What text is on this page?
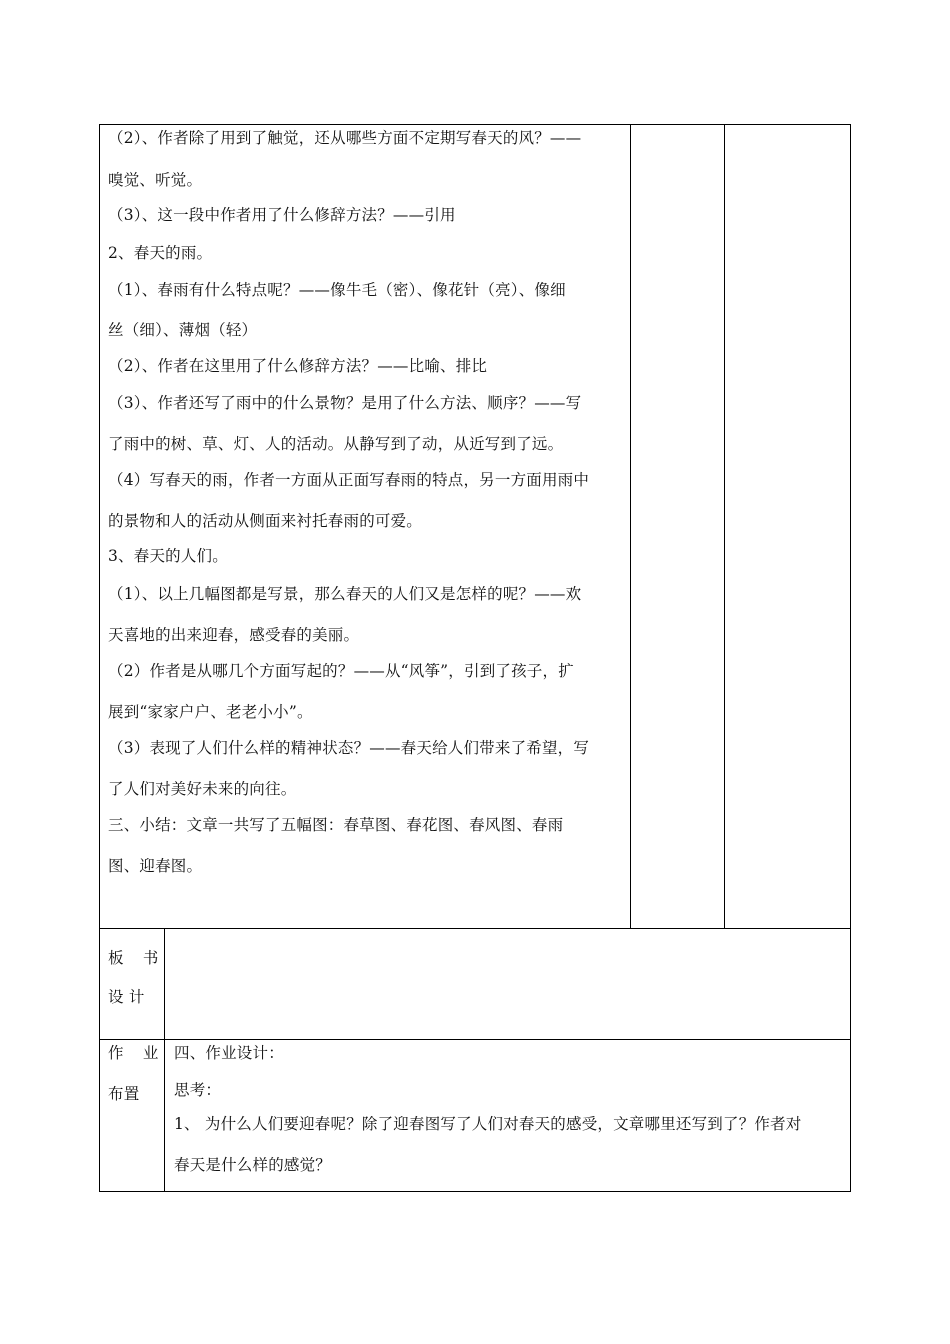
（2）、作者除了用到了触觉，还从哪些方面不定期写春天的风？——
嗅觉、听觉。
（3）、这一段中作者用了什么修辞方法？——引用
2、春天的雨。
（1）、春雨有什么特点呢？——像牛毛（密）、像花针（亮）、像细
丝（细）、薄烟（轻）
（2）、作者在这里用了什么修辞方法？——比喻、排比
（3）、作者还写了雨中的什么景物？是用了什么方法、顺序？——写
了雨中的树、草、灯、人的活动。从静写到了动，从近写到了远。
（4）写春天的雨，作者一方面从正面写春雨的特点，另一方面用雨中
的景物和人的活动从侧面来衬托春雨的可爱。
3、春天的人们。
（1）、以上几幅图都是写景，那么春天的人们又是怎样的呢？——欢
天喜地的出来迎春，感受春的美丽。
（2）作者是从哪几个方面写起的？——从“风筝”，引到了孩子，扩
展到“家家户户、老老小小”。
（3）表现了人们什么样的精神状态？——春天给人们带来了希望，写
了人们对美好未来的向往。
三、小结：文章一共写了五幅图：春草图、春花图、春风图、春雨
图、迎春图。
板 书
设 计
作 业
布置
四、作业设计：
思考：
1、 为什么人们要迎春呢？除了迎春图写了人们对春天的感受，文章哪里还写到了？作者对
春天是什么样的感觉？
